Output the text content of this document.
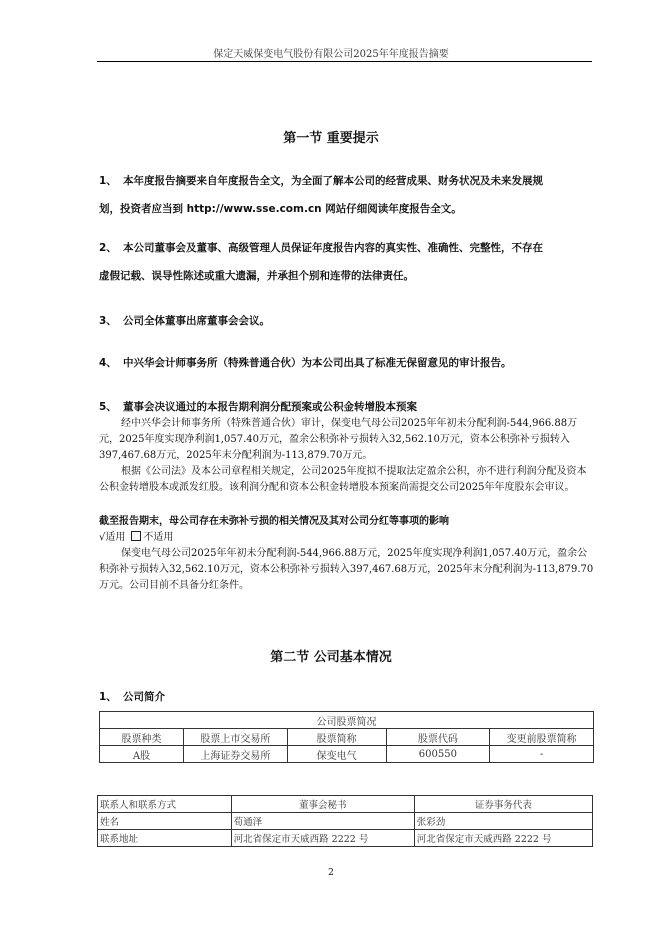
保定天威保变电气股份有限公司2025年年度报告摘要
第一节 重要提示
1、 本年度报告摘要来自年度报告全文，为全面了解本公司的经营成果、财务状况及未来发展规
划，投资者应当到 http://www.sse.com.cn 网站仔细阅读年度报告全文。
2、 本公司董事会及董事、高级管理人员保证年度报告内容的真实性、准确性、完整性，不存在
虚假记载、误导性陈述或重大遗漏，并承担个别和连带的法律责任。
3、 公司全体董事出席董事会会议。
4、 中兴华会计师事务所（特殊普通合伙）为本公司出具了标准无保留意见的审计报告。
5、 董事会决议通过的本报告期利润分配预案或公积金转增股本预案
经中兴华会计师事务所（特殊普通合伙）审计，保变电气母公司2025年年初未分配利润-544,966.88万元，2025年度实现净利润1,057.40万元，盈余公积弥补亏损转入32,562.10万元，资本公积弥补亏损转入397,467.68万元，2025年末分配利润为-113,879.70万元。
根据《公司法》及本公司章程相关规定，公司2025年度拟不提取法定盈余公积，亦不进行利润分配及资本公积金转增股本或派发红股。该利润分配和资本公积金转增股本预案尚需提交公司2025年年度股东会审议。
截至报告期末，母公司存在未弥补亏损的相关情况及其对公司分红等事项的影响
√适用 不适用
保变电气母公司2025年年初未分配利润-544,966.88万元，2025年度实现净利润1,057.40万元，盈余公积弥补亏损转入32,562.10万元，资本公积弥补亏损转入397,467.68万元，2025年末分配利润为-113,879.70万元。公司目前不具备分红条件。
第二节 公司基本情况
1、 公司简介
公司股票简况				
股票种类	股票上市交易所	股票简称	股票代码	变更前股票简称
A股	上海证券交易所	保变电气	600550	-
联系人和联系方式	董事会秘书	证券事务代表
姓名	荀通泽	张彩劲
联系地址	河北省保定市天威西路 2222 号	河北省保定市天威西路 2222 号
2
